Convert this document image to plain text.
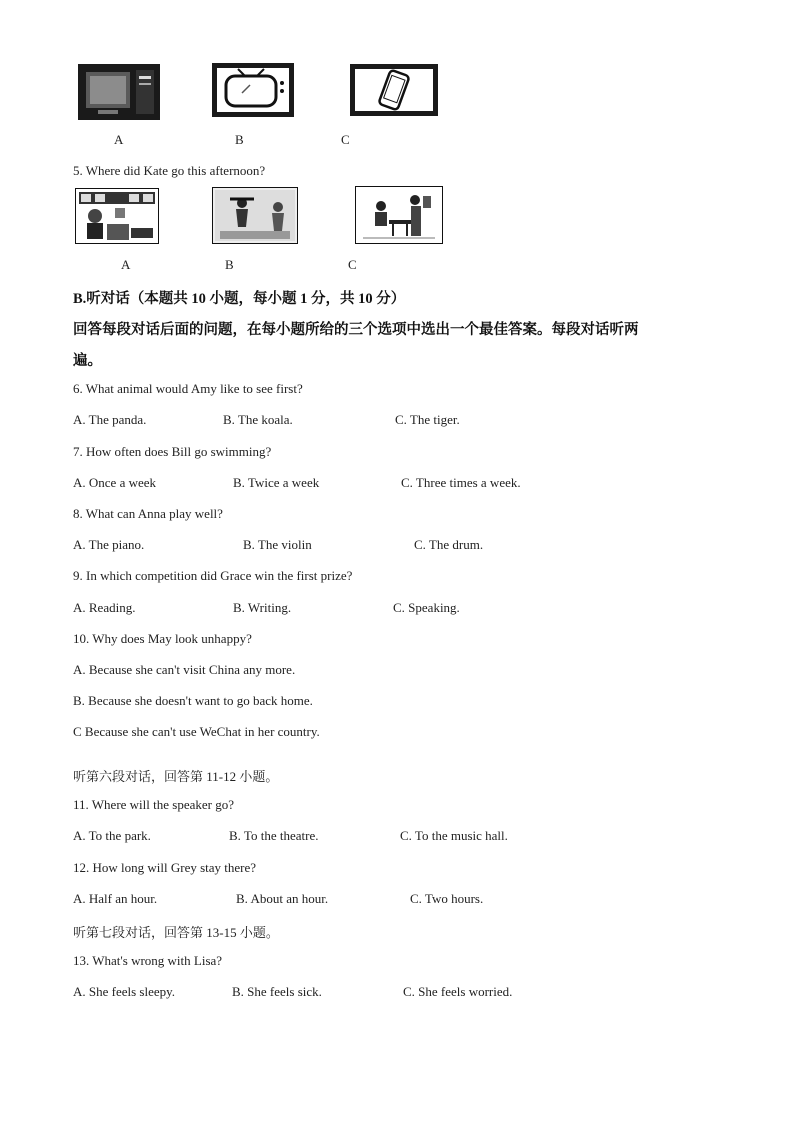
A	B	C
5. Where did Kate go this afternoon?
A	B	C
B.听对话（本题共 10 小题，每小题 1 分，共 10 分）
回答每段对话后面的问题，在每小题所给的三个选项中选出一个最佳答案。每段对话听两
遍。
6. What animal would Amy like to see first?
A. The panda.	B. The koala.	C. The tiger.
7. How often does Bill go swimming?
A. Once a week	B. Twice a week	C. Three times a week.
8. What can Anna play well?
A. The piano.	B. The violin	C. The drum.
9. In which competition did Grace win the first prize?
A. Reading.	B. Writing.	C. Speaking.
10. Why does May look unhappy?
A. Because she can't visit China any more.
B. Because she doesn't want to go back home.
C Because she can't use WeChat in her country.
听第六段对话，回答第 11-12 小题。
11. Where will the speaker go?
A. To the park.	B. To the theatre.	C. To the music hall.
12. How long will Grey stay there?
A. Half an hour.	B. About an hour.	C. Two hours.
听第七段对话，回答第 13-15 小题。
13. What's wrong with Lisa?
A. She feels sleepy.	B. She feels sick.	C. She feels worried.
